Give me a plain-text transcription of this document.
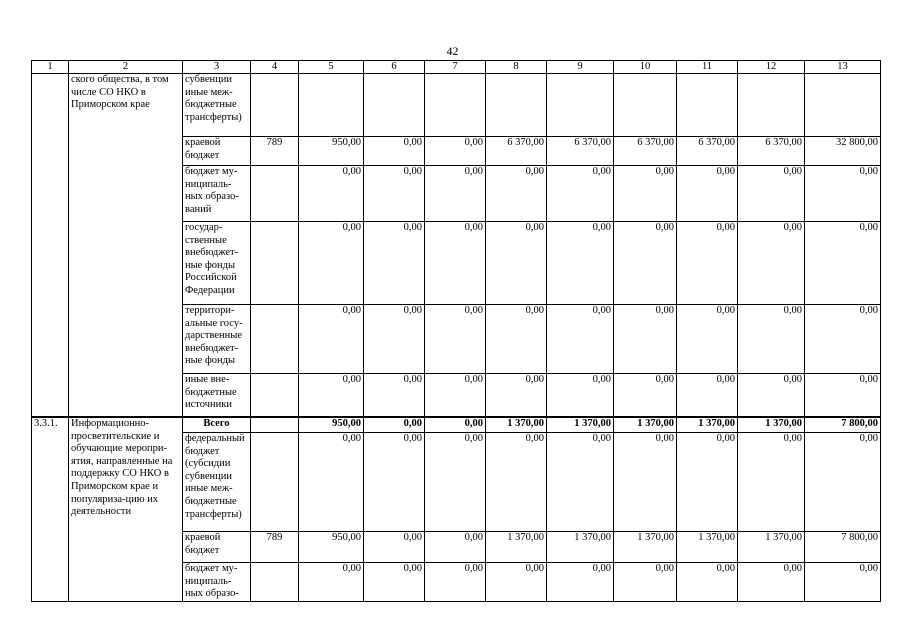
42
1	2	3	4	5	6	7	8	9	10	11	12	13
	ского общества, в том числе СО НКО в Приморском крае	субвенции иные меж-бюджетные трансферты)										
		краевой бюджет	789	950,00	0,00	0,00	6 370,00	6 370,00	6 370,00	6 370,00	6 370,00	32 800,00
		бюджет му-ниципаль-ных образо-ваний		0,00	0,00	0,00	0,00	0,00	0,00	0,00	0,00	0,00
		государ-ственные внебюджет-ные фонды Российской Федерации		0,00	0,00	0,00	0,00	0,00	0,00	0,00	0,00	0,00
		территори-альные госу-дарственные внебюджет-ные фонды		0,00	0,00	0,00	0,00	0,00	0,00	0,00	0,00	0,00
		иные вне-бюджетные источники		0,00	0,00	0,00	0,00	0,00	0,00	0,00	0,00	0,00
3.3.1.	Информационно-просветительские и обучающие меропри-ятия, направленные на поддержку СО НКО в Приморском крае и популяриза-цию их деятельности	Всего		950,00	0,00	0,00	1 370,00	1 370,00	1 370,00	1 370,00	1 370,00	7 800,00
		федеральный бюджет (субсидии субвенции иные меж-бюджетные трансферты)		0,00	0,00	0,00	0,00	0,00	0,00	0,00	0,00	0,00
		краевой бюджет	789	950,00	0,00	0,00	1 370,00	1 370,00	1 370,00	1 370,00	1 370,00	7 800,00
		бюджет му-ниципаль-ных образо-		0,00	0,00	0,00	0,00	0,00	0,00	0,00	0,00	0,00
